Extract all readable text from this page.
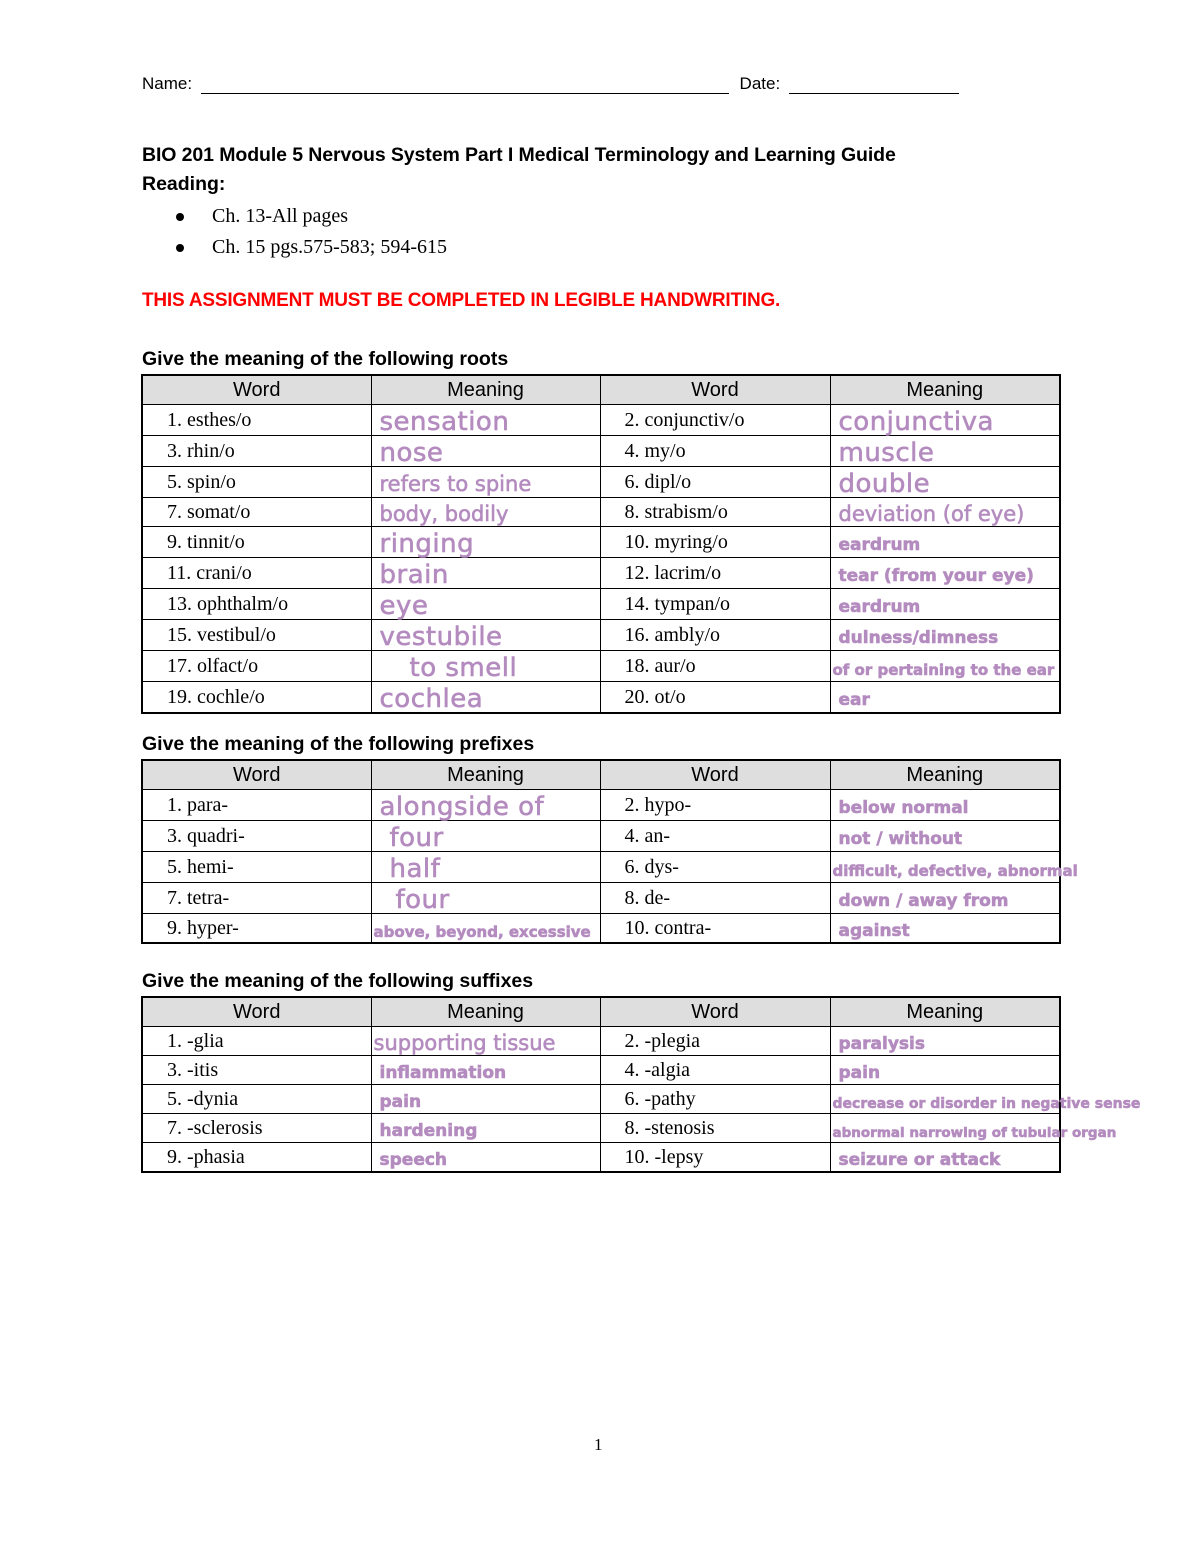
Name:	Date:
BIO 201 Module 5 Nervous System Part I Medical Terminology and Learning Guide
Reading:
Ch. 13-All pages
Ch. 15 pgs.575-583; 594-615
THIS ASSIGNMENT MUST BE COMPLETED IN LEGIBLE HANDWRITING.
Give the meaning of the following roots
Word	Meaning	Word	Meaning
1. esthes/o	sensation	2. conjunctiv/o	conjunctiva
3. rhin/o	nose	4. my/o	muscle
5. spin/o	refers to spine	6. dipl/o	double
7. somat/o	body, bodily	8. strabism/o	deviation (of eye)
9. tinnit/o	ringing	10. myring/o	eardrum
11. crani/o	brain	12. lacrim/o	tear (from your eye)
13. ophthalm/o	eye	14. tympan/o	eardrum
15. vestibul/o	vestubile	16. ambly/o	dulness/dimness
17. olfact/o	to smell	18. aur/o	of or pertaining to the ear
19. cochle/o	cochlea	20. ot/o	ear
Give the meaning of the following prefixes
Word	Meaning	Word	Meaning
1. para-	alongside of	2. hypo-	below normal
3. quadri-	four	4. an-	not / without
5. hemi-	half	6. dys-	difficult, defective, abnormal
7. tetra-	four	8. de-	down / away from
9. hyper-	above, beyond, excessive	10. contra-	against
Give the meaning of the following suffixes
Word	Meaning	Word	Meaning
1. -glia	supporting tissue	2. -plegia	paralysis
3. -itis	inflammation	4. -algia	pain
5. -dynia	pain	6. -pathy	decrease or disorder in negative sense
7. -sclerosis	hardening	8. -stenosis	abnormal narrowing of tubular organ
9. -phasia	speech	10. -lepsy	seizure or attack
1
